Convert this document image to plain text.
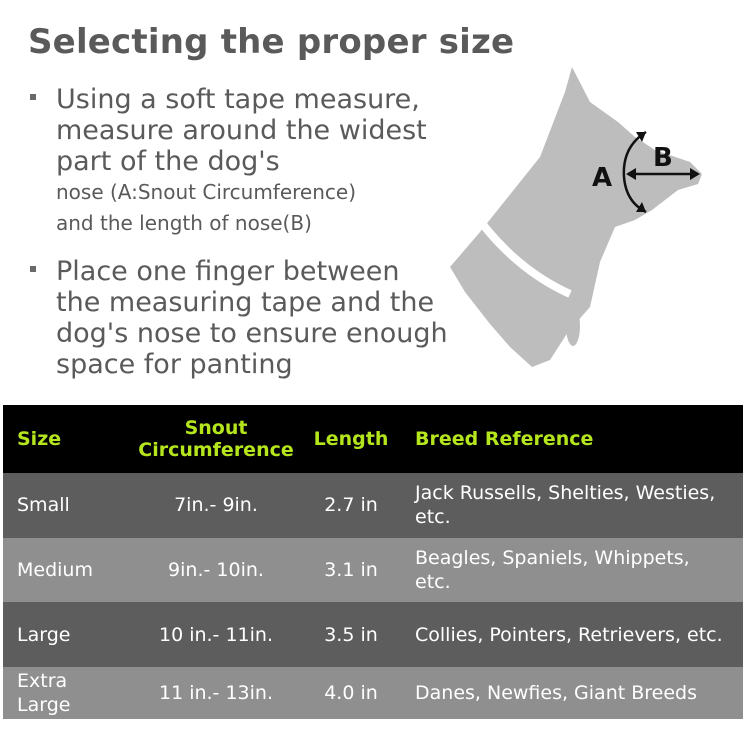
Selecting the proper size
Using a soft tape measure, measure around the widest part of the dog's
nose (A:Snout Circumference)
and the length of nose(B)
Place one finger between the measuring tape and the dog's nose to ensure enough space for panting
A
B
Size	Snout Circumference	Length	Breed Reference
Small	7in.- 9in.	2.7 in	Jack Russells, Shelties, Westies, etc.
Medium	9in.- 10in.	3.1 in	Beagles, Spaniels, Whippets, etc.
Large	10 in.- 11in.	3.5 in	Collies, Pointers, Retrievers, etc.
Extra Large	11 in.- 13in.	4.0 in	Danes, Newfies, Giant Breeds
